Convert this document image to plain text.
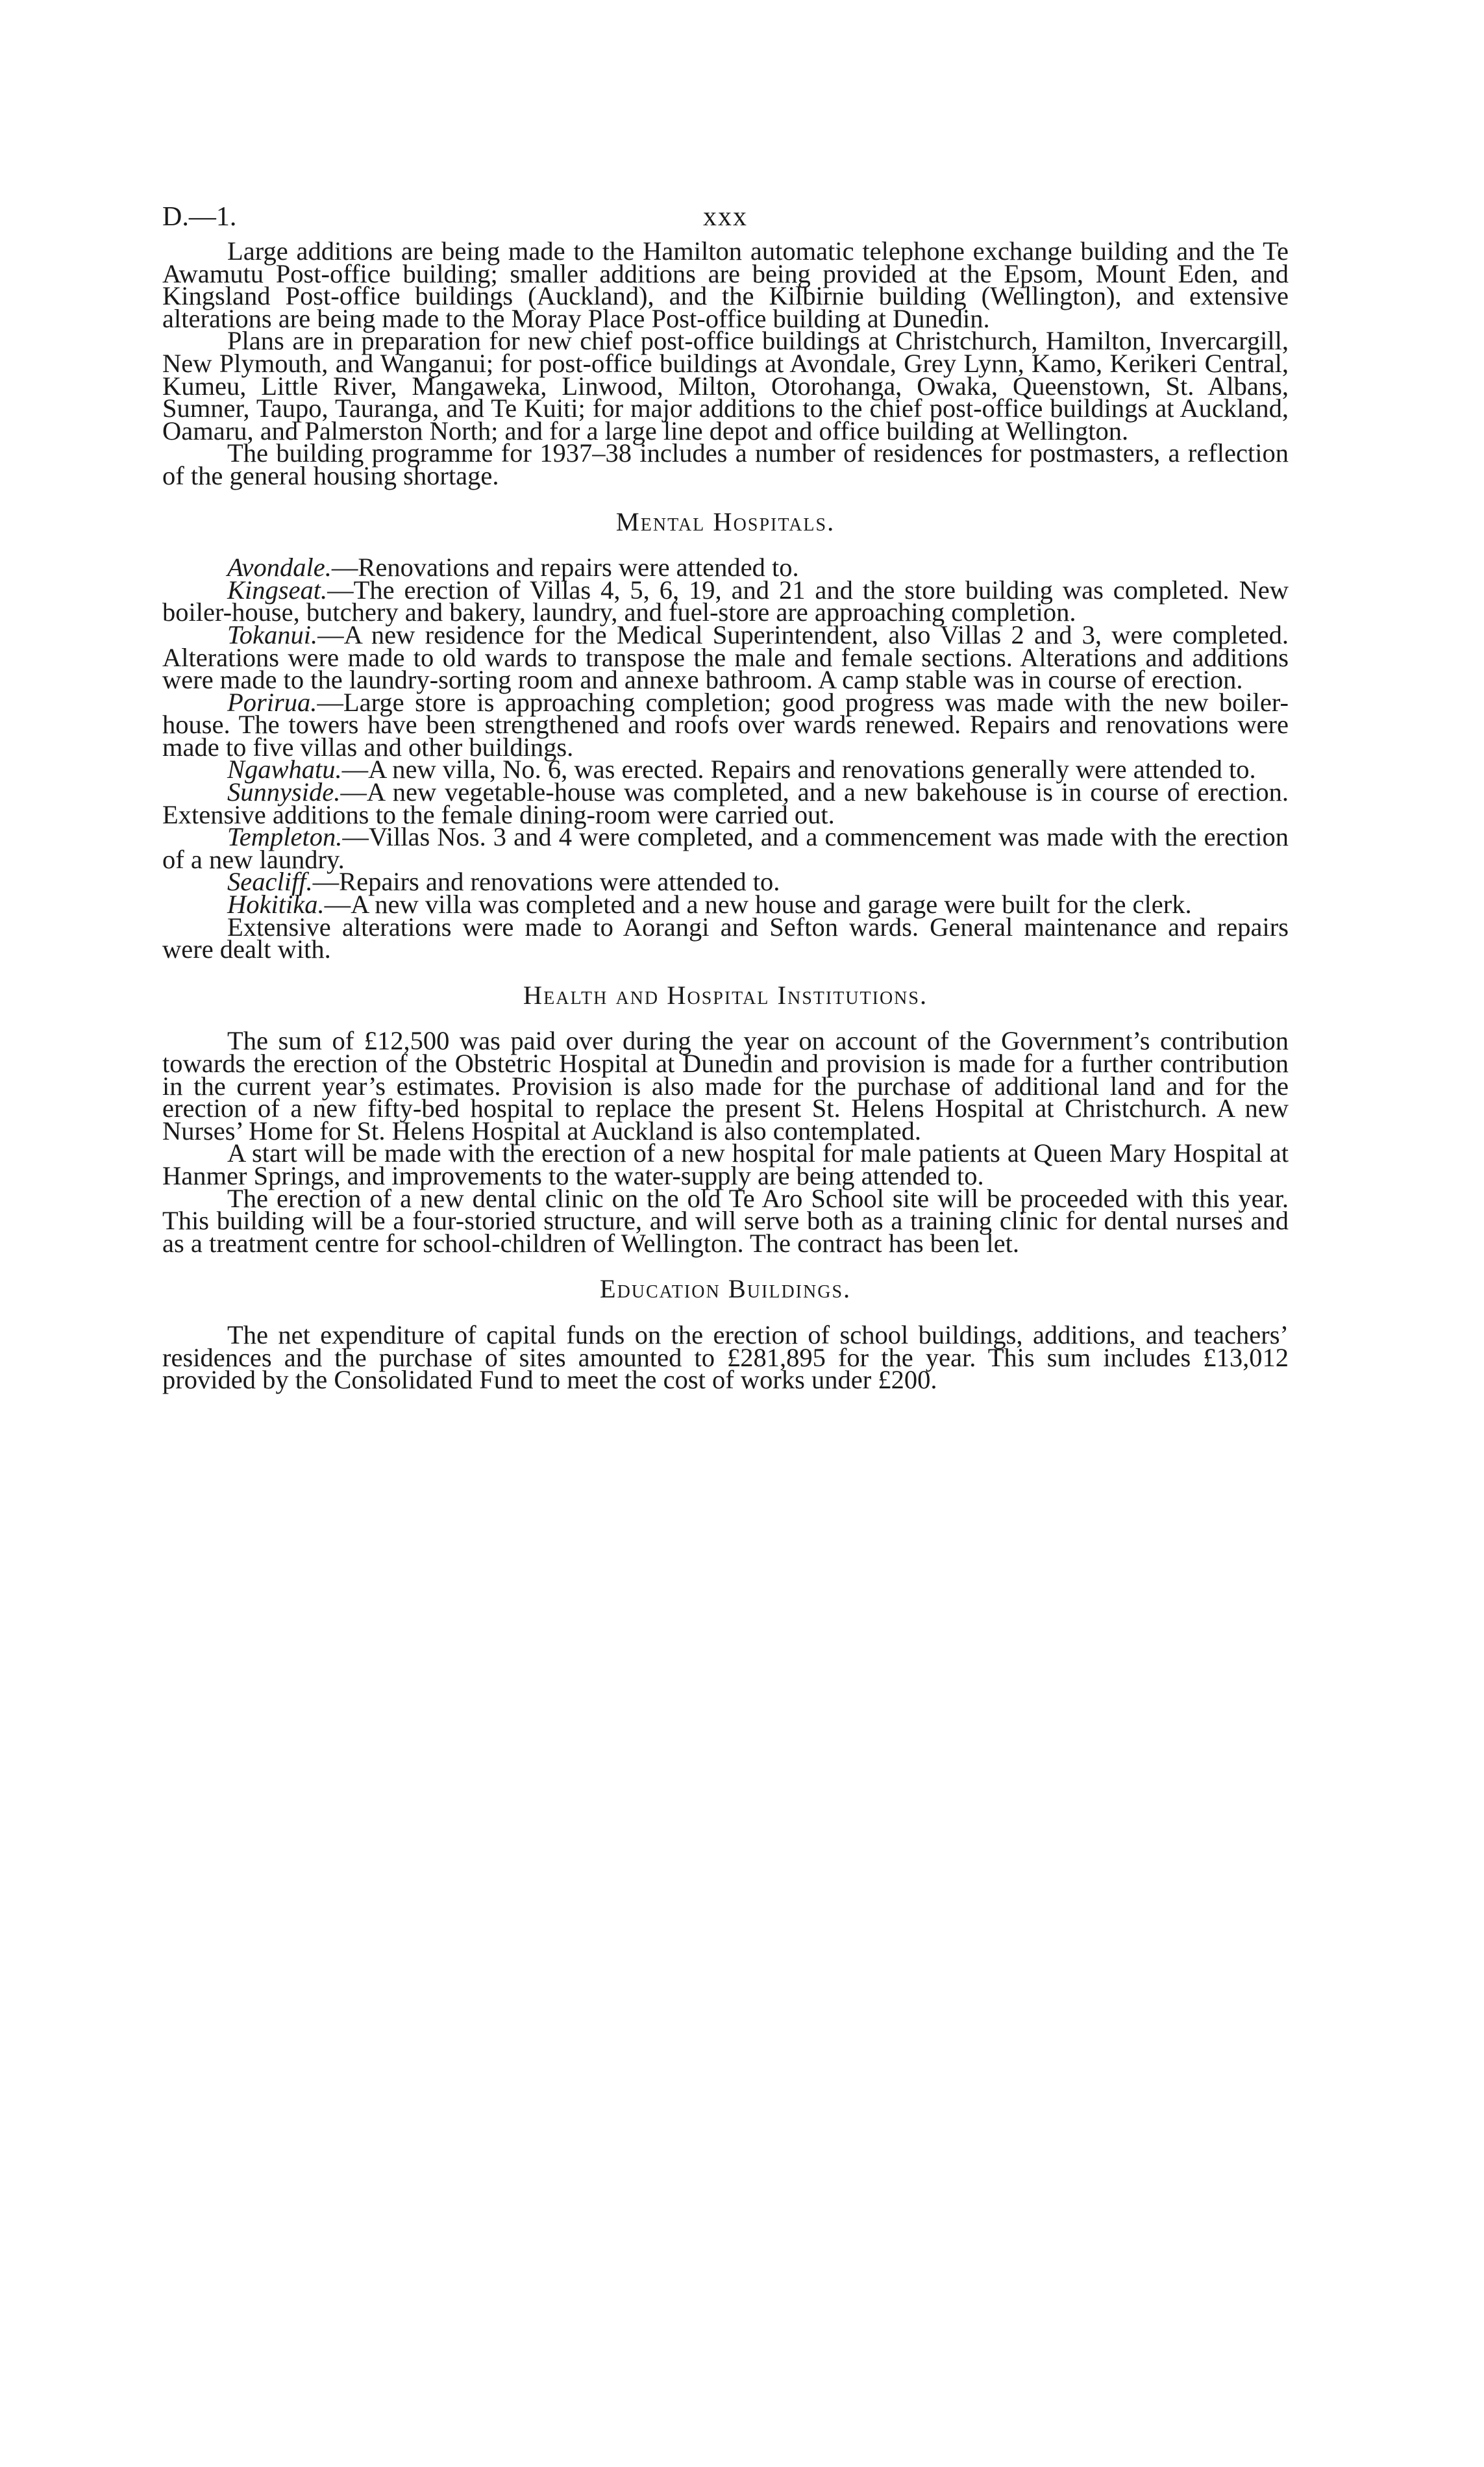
D.—1.	xxx

Large additions are being made to the Hamilton automatic telephone exchange building and the Te Awamutu Post-office building; smaller additions are being provided at the Epsom, Mount Eden, and Kingsland Post-office buildings (Auckland), and the Kilbirnie building (Wellington), and extensive alterations are being made to the Moray Place Post-office building at Dunedin.

Plans are in preparation for new chief post-office buildings at Christchurch, Hamilton, Invercargill, New Plymouth, and Wanganui; for post-office buildings at Avondale, Grey Lynn, Kamo, Kerikeri Central, Kumeu, Little River, Mangaweka, Linwood, Milton, Otorohanga, Owaka, Queenstown, St. Albans, Sumner, Taupo, Tauranga, and Te Kuiti; for major additions to the chief post-office buildings at Auckland, Oamaru, and Palmerston North; and for a large line depot and office building at Wellington.

The building programme for 1937–38 includes a number of residences for postmasters, a reflection of the general housing shortage.

Mental Hospitals.

Avondale.—Renovations and repairs were attended to.

Kingseat.—The erection of Villas 4, 5, 6, 19, and 21 and the store building was completed. New boiler-house, butchery and bakery, laundry, and fuel-store are approaching completion.

Tokanui.—A new residence for the Medical Superintendent, also Villas 2 and 3, were completed. Alterations were made to old wards to transpose the male and female sections. Alterations and additions were made to the laundry-sorting room and annexe bathroom. A camp stable was in course of erection.

Porirua.—Large store is approaching completion; good progress was made with the new boiler-house. The towers have been strengthened and roofs over wards renewed. Repairs and renovations were made to five villas and other buildings.

Ngawhatu.—A new villa, No. 6, was erected. Repairs and renovations generally were attended to.

Sunnyside.—A new vegetable-house was completed, and a new bakehouse is in course of erection. Extensive additions to the female dining-room were carried out.

Templeton.—Villas Nos. 3 and 4 were completed, and a commencement was made with the erection of a new laundry.

Seacliff.—Repairs and renovations were attended to.

Hokitika.—A new villa was completed and a new house and garage were built for the clerk.

Extensive alterations were made to Aorangi and Sefton wards. General maintenance and repairs were dealt with.

Health and Hospital Institutions.

The sum of £12,500 was paid over during the year on account of the Government’s contribution towards the erection of the Obstetric Hospital at Dunedin and provision is made for a further contribution in the current year’s estimates. Provision is also made for the purchase of additional land and for the erection of a new fifty-bed hospital to replace the present St. Helens Hospital at Christchurch. A new Nurses’ Home for St. Helens Hospital at Auckland is also contemplated.

A start will be made with the erection of a new hospital for male patients at Queen Mary Hospital at Hanmer Springs, and improvements to the water-supply are being attended to.

The erection of a new dental clinic on the old Te Aro School site will be proceeded with this year. This building will be a four-storied structure, and will serve both as a training clinic for dental nurses and as a treatment centre for school-children of Wellington. The contract has been let.

Education Buildings.

The net expenditure of capital funds on the erection of school buildings, additions, and teachers’ residences and the purchase of sites amounted to £281,895 for the year. This sum includes £13,012 provided by the Consolidated Fund to meet the cost of works under £200.
